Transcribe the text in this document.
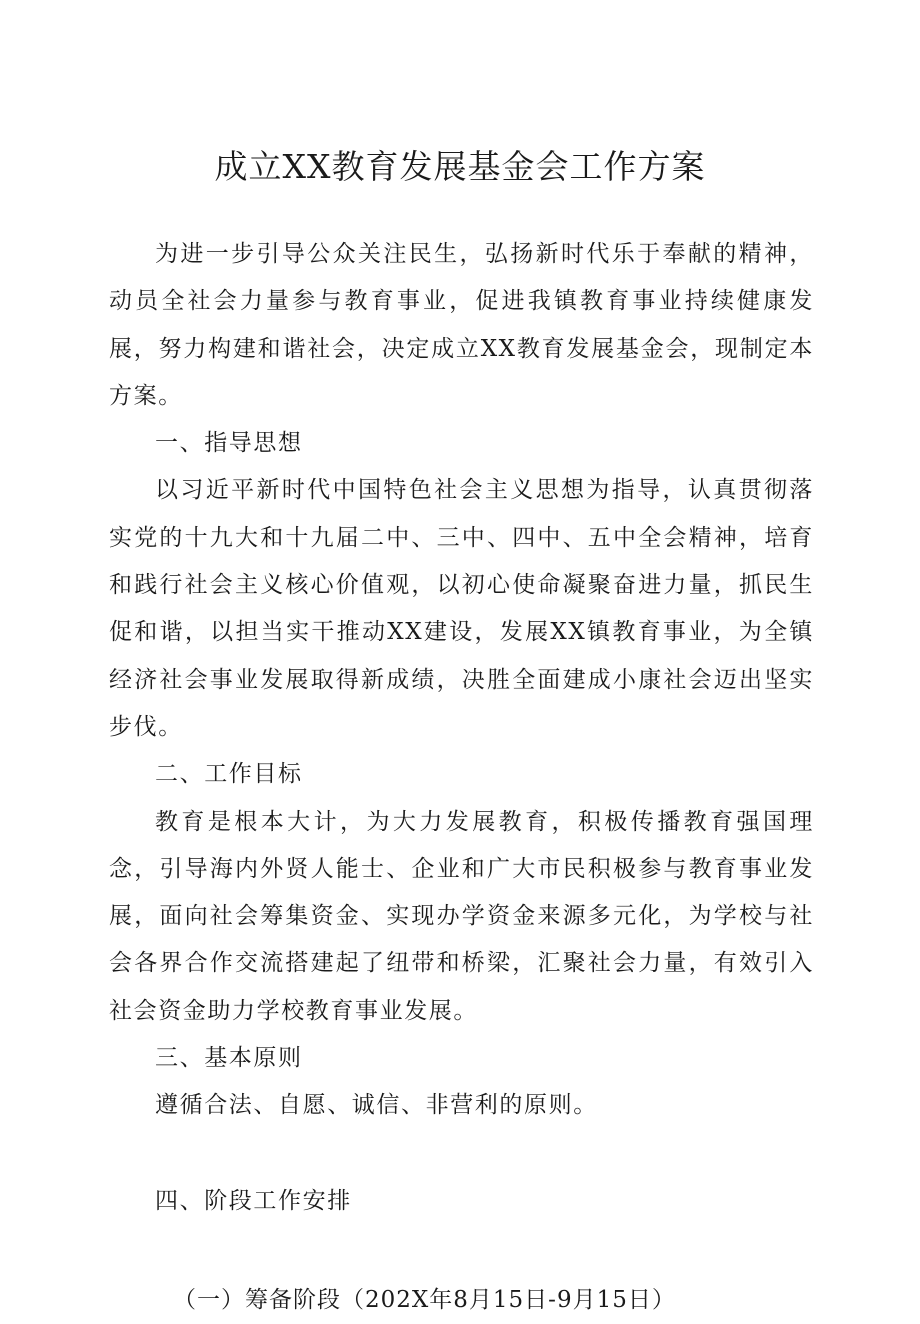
成立XX教育发展基金会工作方案

为进一步引导公众关注民生，弘扬新时代乐于奉献的精神，动员全社会力量参与教育事业，促进我镇教育事业持续健康发展，努力构建和谐社会，决定成立XX教育发展基金会，现制定本方案。

一、指导思想

以习近平新时代中国特色社会主义思想为指导，认真贯彻落实党的十九大和十九届二中、三中、四中、五中全会精神，培育和践行社会主义核心价值观，以初心使命凝聚奋进力量，抓民生促和谐，以担当实干推动XX建设，发展XX镇教育事业，为全镇经济社会事业发展取得新成绩，决胜全面建成小康社会迈出坚实步伐。

二、工作目标

教育是根本大计，为大力发展教育，积极传播教育强国理念，引导海内外贤人能士、企业和广大市民积极参与教育事业发展，面向社会筹集资金、实现办学资金来源多元化，为学校与社会各界合作交流搭建起了纽带和桥梁，汇聚社会力量，有效引入社会资金助力学校教育事业发展。

三、基本原则

遵循合法、自愿、诚信、非营利的原则。

四、阶段工作安排

（一）筹备阶段（202X年8月15日-9月15日）
